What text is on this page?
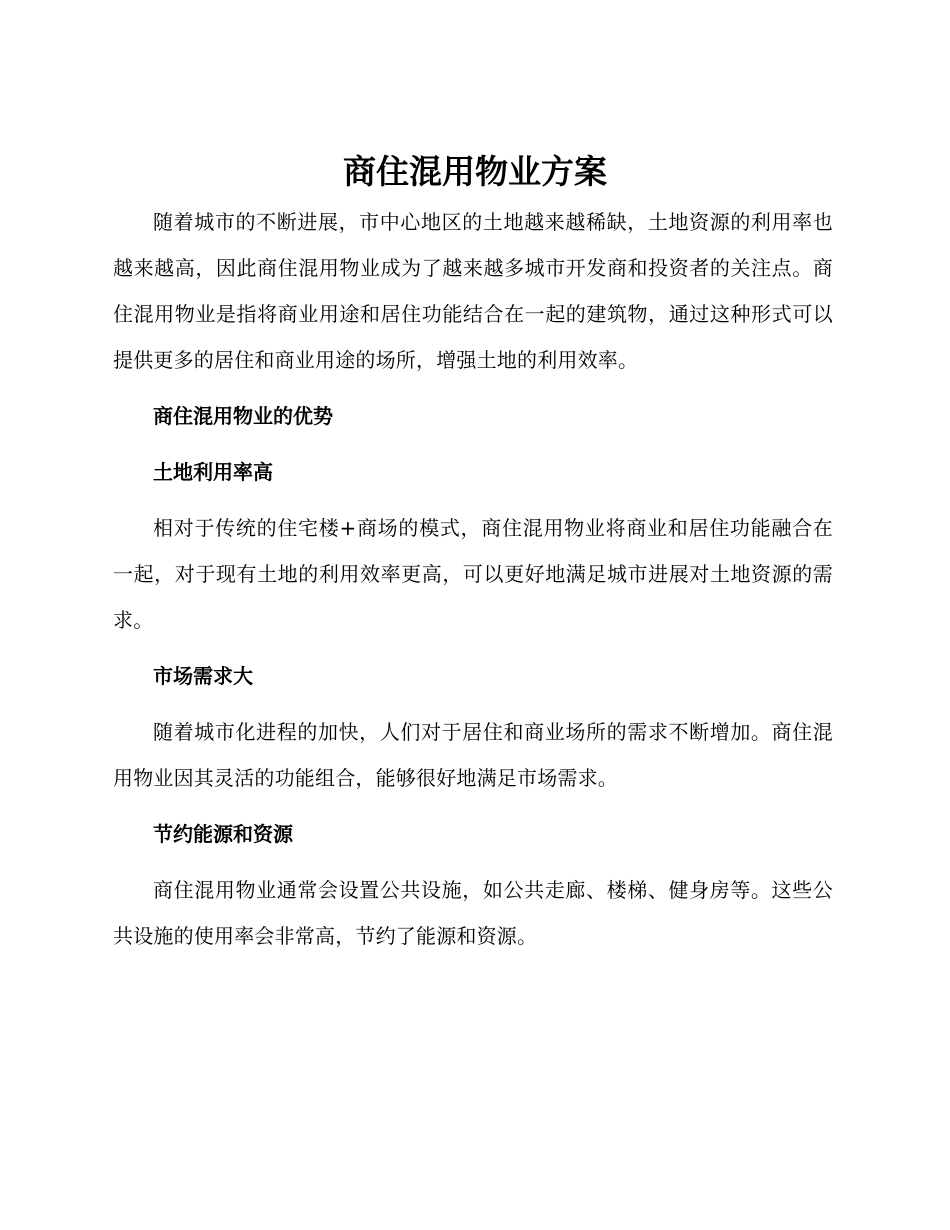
商住混用物业方案

随着城市的不断进展，市中心地区的土地越来越稀缺，土地资源的利用率也越来越高，因此商住混用物业成为了越来越多城市开发商和投资者的关注点。商住混用物业是指将商业用途和居住功能结合在一起的建筑物，通过这种形式可以提供更多的居住和商业用途的场所，增强土地的利用效率。

商住混用物业的优势

土地利用率高

相对于传统的住宅楼+商场的模式，商住混用物业将商业和居住功能融合在一起，对于现有土地的利用效率更高，可以更好地满足城市进展对土地资源的需求。

市场需求大

随着城市化进程的加快，人们对于居住和商业场所的需求不断增加。商住混用物业因其灵活的功能组合，能够很好地满足市场需求。

节约能源和资源

商住混用物业通常会设置公共设施，如公共走廊、楼梯、健身房等。这些公共设施的使用率会非常高，节约了能源和资源。
